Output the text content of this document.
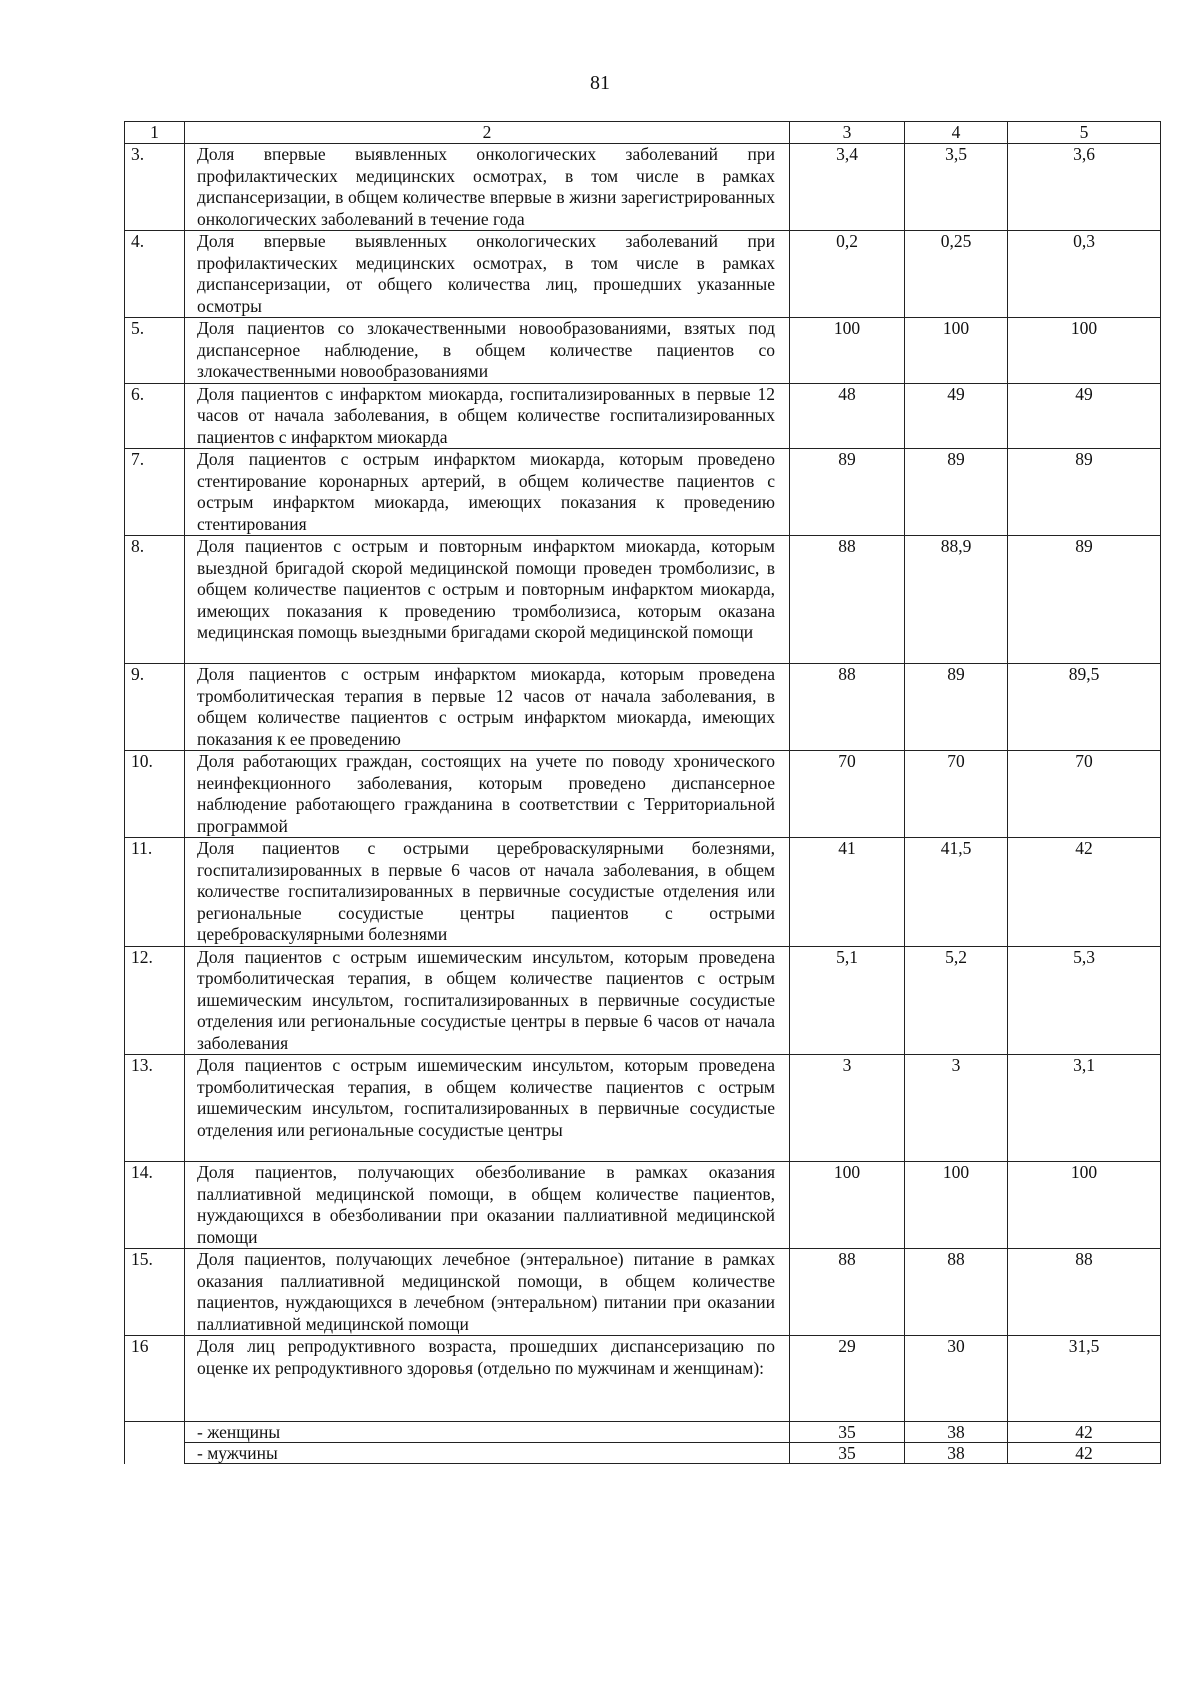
81
1	2	3	4	5
3.	Доля впервые выявленных онкологических заболеваний при профилактических медицинских осмотрах, в том числе в рамках диспансеризации, в общем количестве впервые в жизни зарегистрированных онкологических заболеваний в течение года	3,4	3,5	3,6
4.	Доля впервые выявленных онкологических заболеваний при профилактических медицинских осмотрах, в том числе в рамках диспансеризации, от общего количества лиц, прошедших указанные осмотры	0,2	0,25	0,3
5.	Доля пациентов со злокачественными новообразованиями, взятых под диспансерное наблюдение, в общем количестве пациентов со злокачественными новообразованиями	100	100	100
6.	Доля пациентов с инфарктом миокарда, госпитализированных в первые 12 часов от начала заболевания, в общем количестве госпитализированных пациентов с инфарктом миокарда	48	49	49
7.	Доля пациентов с острым инфарктом миокарда, которым проведено стентирование коронарных артерий, в общем количестве пациентов с острым инфарктом миокарда, имеющих показания к проведению стентирования	89	89	89
8.	Доля пациентов с острым и повторным инфарктом миокарда, которым выездной бригадой скорой медицинской помощи проведен тромболизис, в общем количестве пациентов с острым и повторным инфарктом миокарда, имеющих показания к проведению тромболизиса, которым оказана медицинская помощь выездными бригадами скорой медицинской помощи	88	88,9	89
9.	Доля пациентов с острым инфарктом миокарда, которым проведена тромболитическая терапия в первые 12 часов от начала заболевания, в общем количестве пациентов с острым инфарктом миокарда, имеющих показания к ее проведению	88	89	89,5
10.	Доля работающих граждан, состоящих на учете по поводу хронического неинфекционного заболевания, которым проведено диспансерное наблюдение работающего гражданина в соответствии с Территориальной программой	70	70	70
11.	Доля пациентов с острыми цереброваскулярными болезнями, госпитализированных в первые 6 часов от начала заболевания, в общем количестве госпитализированных в первичные сосудистые отделения или региональные сосудистые центры пациентов с острыми цереброваскулярными болезнями	41	41,5	42
12.	Доля пациентов с острым ишемическим инсультом, которым проведена тромболитическая терапия, в общем количестве пациентов с острым ишемическим инсультом, госпитализированных в первичные сосудистые отделения или региональные сосудистые центры в первые 6 часов от начала заболевания	5,1	5,2	5,3
13.	Доля пациентов с острым ишемическим инсультом, которым проведена тромболитическая терапия, в общем количестве пациентов с острым ишемическим инсультом, госпитализированных в первичные сосудистые отделения или региональные сосудистые центры	3	3	3,1
14.	Доля пациентов, получающих обезболивание в рамках оказания паллиативной медицинской помощи, в общем количестве пациентов, нуждающихся в обезболивании при оказании паллиативной медицинской помощи	100	100	100
15.	Доля пациентов, получающих лечебное (энтеральное) питание в рамках оказания паллиативной медицинской помощи, в общем количестве пациентов, нуждающихся в лечебном (энтеральном) питании при оказании паллиативной медицинской помощи	88	88	88
16	Доля лиц репродуктивного возраста, прошедших диспансеризацию по оценке их репродуктивного здоровья (отдельно по мужчинам и женщинам):	29	30	31,5
	- женщины	35	38	42
	- мужчины	35	38	42
